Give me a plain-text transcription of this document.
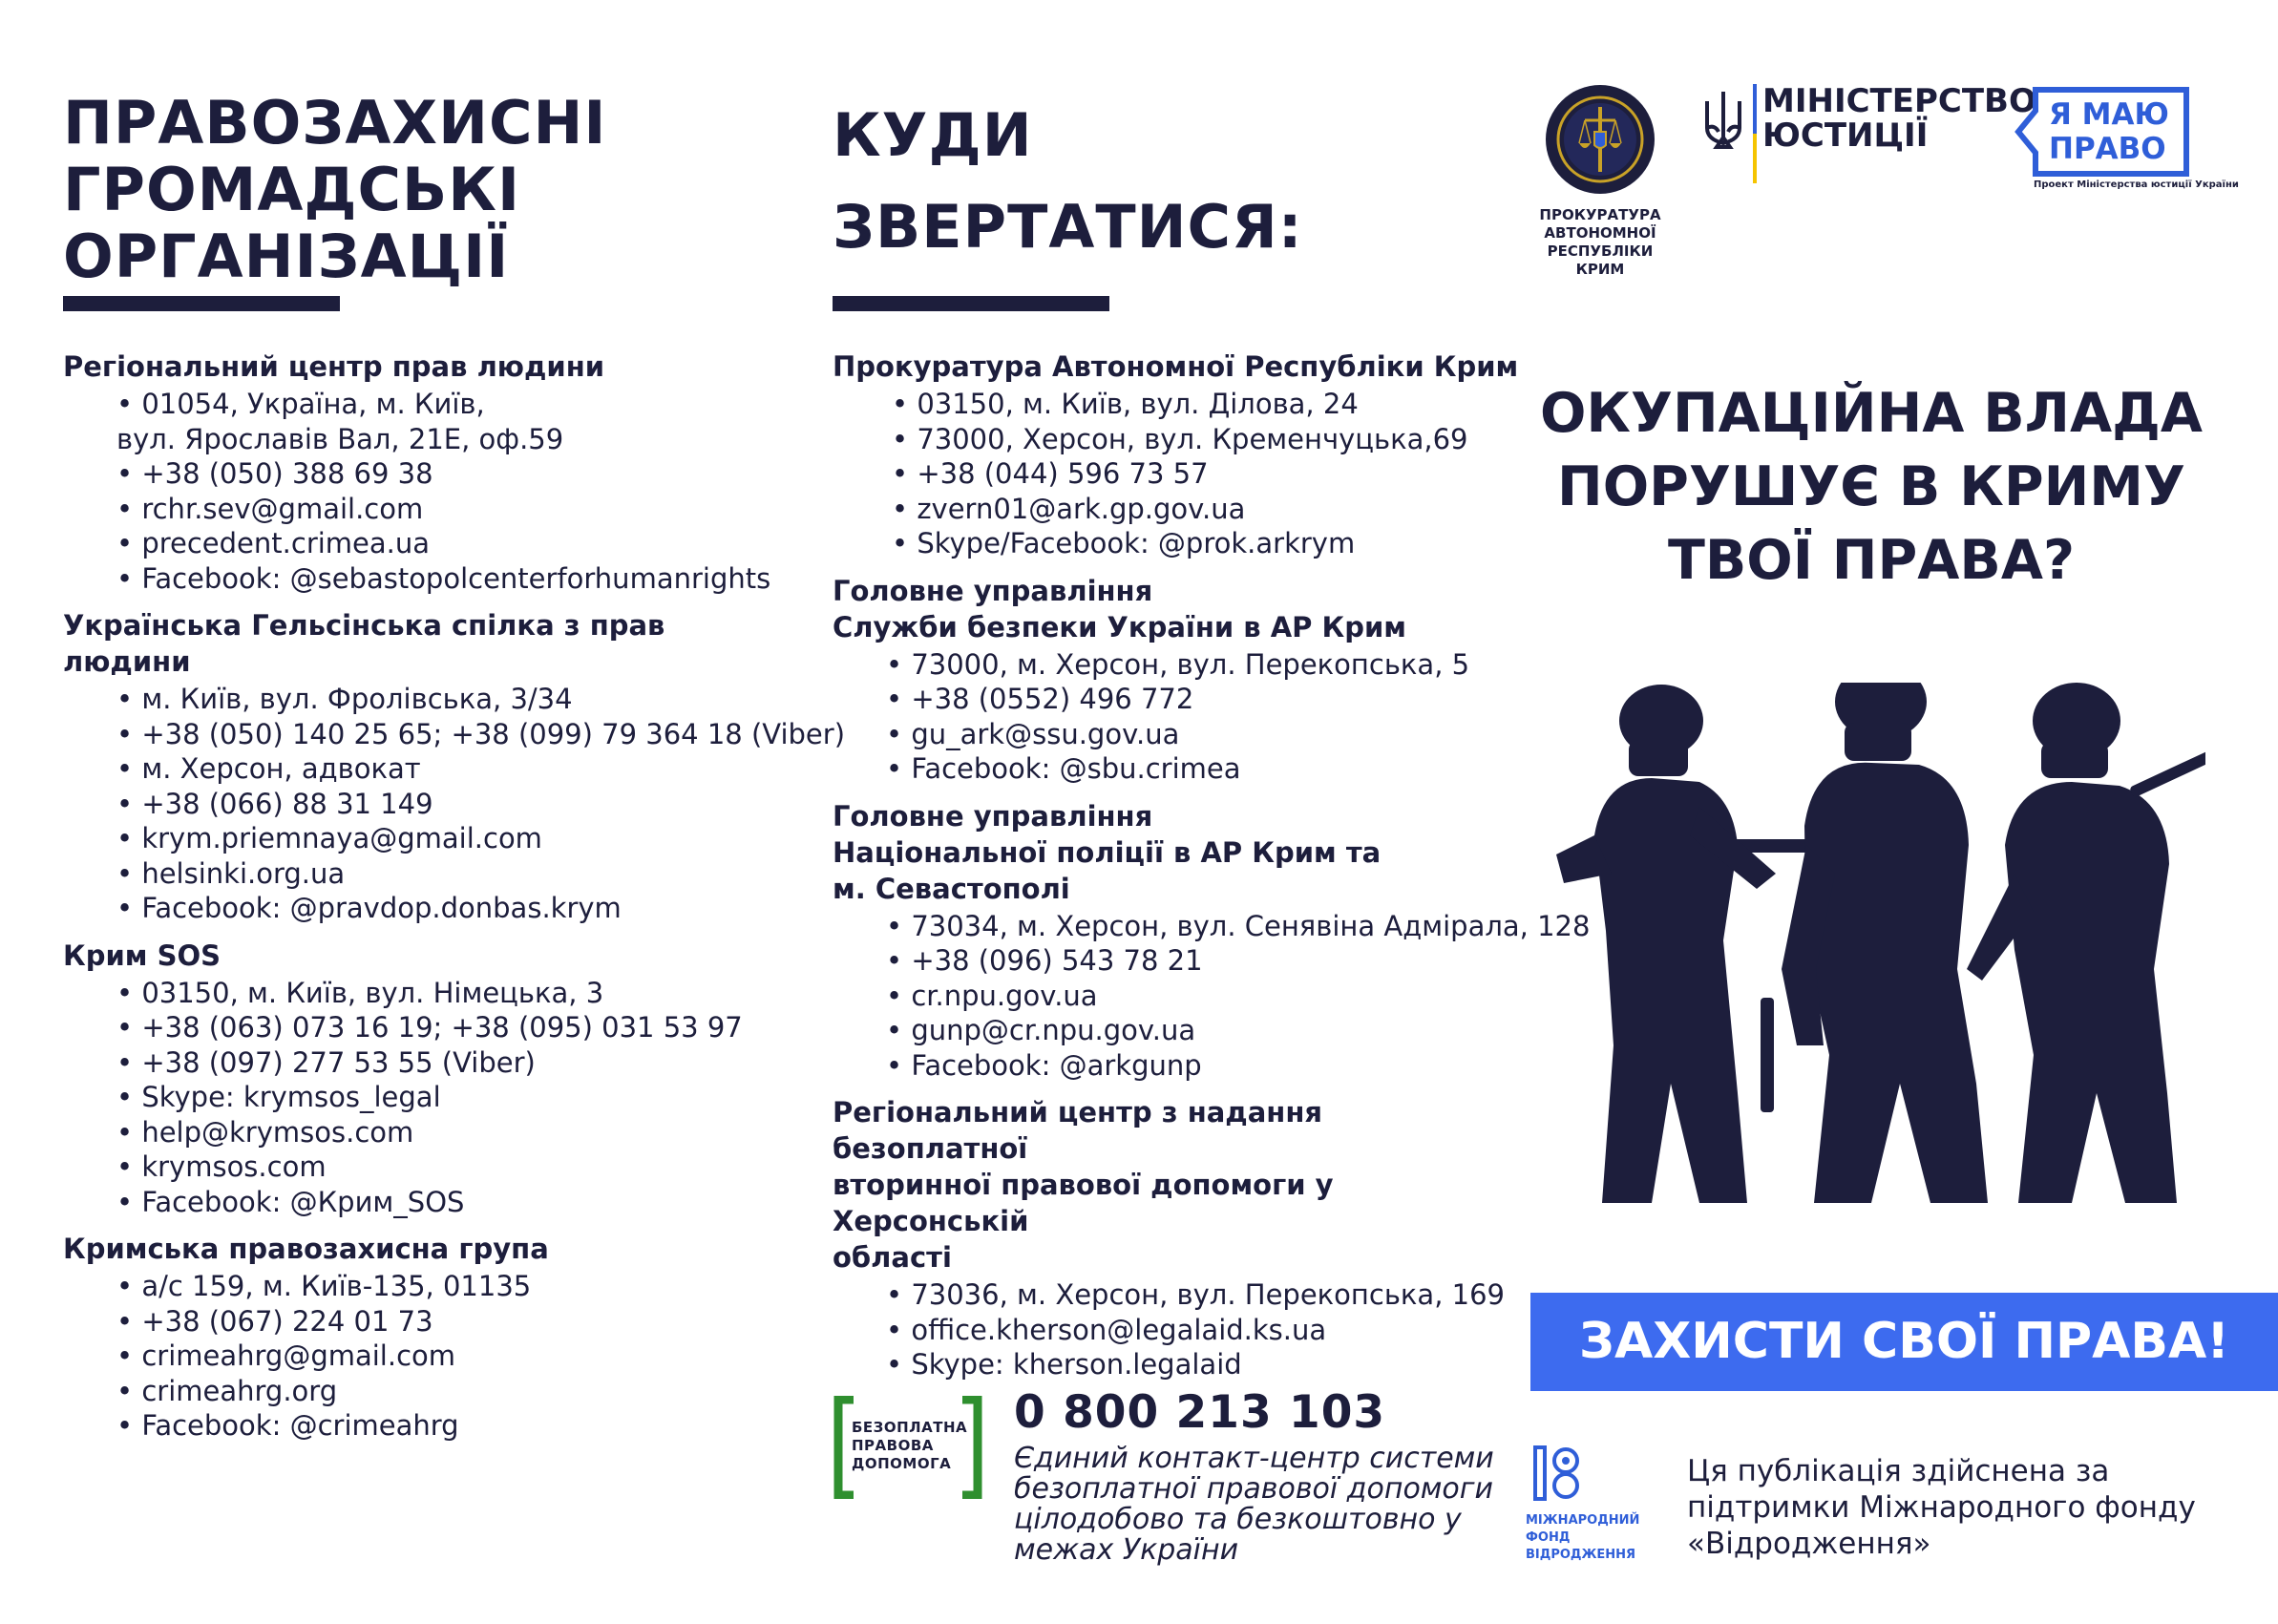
ПРАВОЗАХИСНІ
ГРОМАДСЬКІ
ОРГАНІЗАЦІЇ

Регіональний центр прав людини

• 01054, Україна, м. Київ,
вул. Ярославів Вал, 21Е, оф.59
• +38 (050) 388 69 38
• rchr.sev@gmail.com
• precedent.crimea.ua
• Facebook: @sebastopolcenterforhumanrights

Українська Гельсінська спілка з прав людини

• м. Київ, вул. Фролівська, 3/34
• +38 (050) 140 25 65; +38 (099) 79 364 18 (Viber)
• м. Херсон, адвокат
• +38 (066) 88 31 149
• krym.priemnaya@gmail.com
• helsinki.org.ua
• Facebook: @pravdop.donbas.krym

Крим SOS

• 03150, м. Київ, вул. Німецька, 3
• +38 (063) 073 16 19; +38 (095) 031 53 97
• +38 (097) 277 53 55 (Viber)
• Skype: krymsos_legal
• help@krymsos.com
• krymsos.com
• Facebook: @Крим_SOS

Кримська правозахисна група

• а/с 159, м. Київ-135, 01135
• +38 (067) 224 01 73
• crimeahrg@gmail.com
• crimeahrg.org
• Facebook: @crimeahrg
КУДИ
ЗВЕРТАТИСЯ:

Прокуратура Автономної Республіки Крим

• 03150, м. Київ, вул. Ділова, 24
• 73000, Херсон, вул. Кременчуцька,69
• +38 (044) 596 73 57
• zvern01@ark.gp.gov.ua
• Skype/Facebook: @prok.arkrym

Головне управління

Служби безпеки України в АР Крим

• 73000, м. Херсон, вул. Перекопська, 5
• +38 (0552) 496 772
• gu_ark@ssu.gov.ua
• Facebook: @sbu.crimea

Головне управління

Національної поліції в АР Крим та

м. Севастополі

• 73034, м. Херсон, вул. Сенявіна Адмірала, 128
• +38 (096) 543 78 21
• cr.npu.gov.ua
• gunp@cr.npu.gov.ua
• Facebook: @arkgunp

Регіональний центр з надання безоплатної

вторинної правової допомоги у Херсонській

області

• 73036, м. Херсон, вул. Перекопська, 169
• office.kherson@legalaid.ks.ua
• Skype: kherson.legalaid
БЕЗОПЛАТНА
ПРАВОВА
ДОПОМОГА
0 800 213 103
Єдиний контакт-центр системи
безоплатної правової допомоги
цілодобово та безкоштовно у
межах України
ПРОКУРАТУРА
АВТОНОМНОЇ
РЕСПУБЛІКИ КРИМ
МІНІСТЕРСТВО
ЮСТИЦІЇ
Я МАЮ
ПРАВО
Проект Міністерства юстиції України
ОКУПАЦІЙНА ВЛАДА
ПОРУШУЄ В КРИМУ
ТВОЇ ПРАВА?
ЗАХИСТИ СВОЇ ПРАВА!
МІЖНАРОДНИЙ
ФОНД
ВІДРОДЖЕННЯ
Ця публікація здійснена за
підтримки Міжнародного фонду
«Відродження»
